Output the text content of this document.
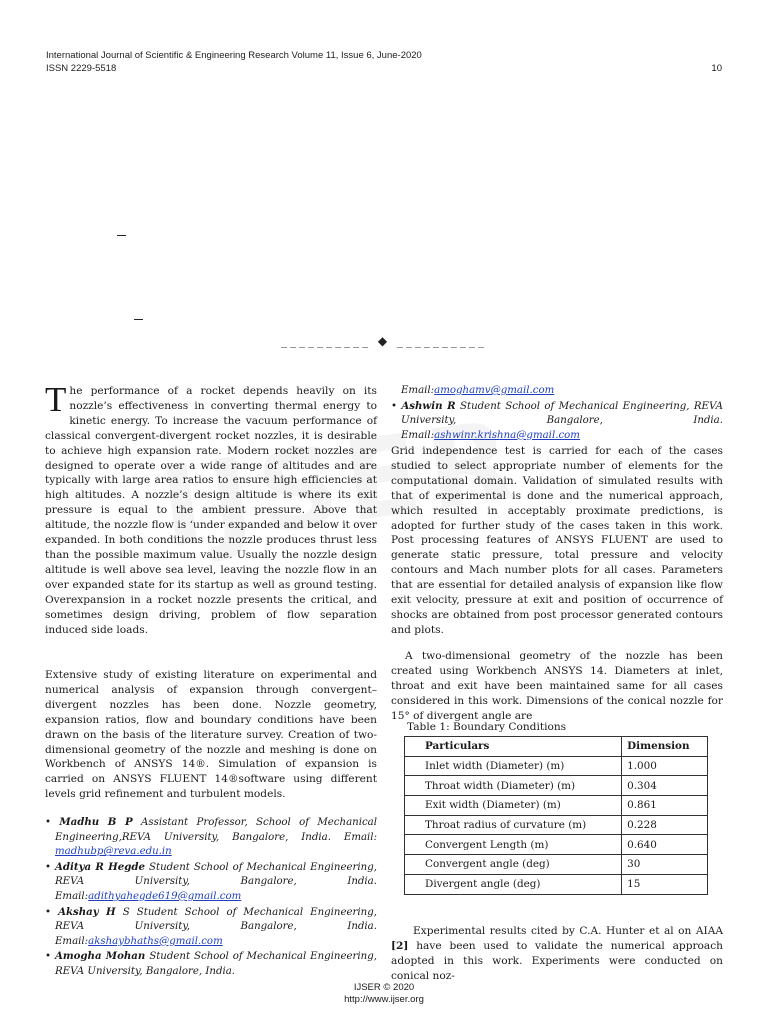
International Journal of Scientific & Engineering Research Volume 11, Issue 6, June-2020
ISSN 2229-5518	10
__________ ◆ __________

The performance of a rocket depends heavily on its nozzle’s effectiveness in converting thermal energy to kinetic energy. To increase the vacuum performance of classical convergent-divergent rocket nozzles, it is desirable to achieve high expansion rate. Modern rocket nozzles are designed to operate over a wide range of altitudes and are typically with large area ratios to ensure high efficiencies at high altitudes. A nozzle’s design altitude is where its exit pressure is equal to the ambient pressure. Above that altitude, the nozzle flow is ‘under expanded and below it over expanded. In both conditions the nozzle produces thrust less than the possible maximum value. Usually the nozzle design altitude is well above sea level, leaving the nozzle flow in an over expanded state for its startup as well as ground testing. Overexpansion in a rocket nozzle presents the critical, and sometimes design driving, problem of flow separation induced side loads.

Extensive study of existing literature on experimental and numerical analysis of expansion through convergent–divergent nozzles has been done. Nozzle geometry, expansion ratios, flow and boundary conditions have been drawn on the basis of the literature survey. Creation of two-dimensional geometry of the nozzle and meshing is done on Workbench of ANSYS 14®. Simulation of expansion is carried on ANSYS FLUENT 14®software using different levels grid refinement and turbulent models.

• Madhu B P Assistant Professor, School of Mechanical Engineering,REVA University, Bangalore, India. Email: madhubp@reva.edu.in

• Aditya R Hegde Student School of Mechanical Engineering, REVA University, Bangalore, India. Email:adithyahegde619@gmail.com

• Akshay H S Student School of Mechanical Engineering, REVA University, Bangalore, India. Email:akshaybhaths@gmail.com

• Amogha Mohan Student School of Mechanical Engineering, REVA University, Bangalore, India.

Email:amoghamv@gmail.com

• Ashwin R Student School of Mechanical Engineering, REVA University, Bangalore, India. Email:ashwinr.krishna@gmail.com

Grid independence test is carried for each of the cases studied to select appropriate number of elements for the computational domain. Validation of simulated results with that of experimental is done and the numerical approach, which resulted in acceptably proximate predictions, is adopted for further study of the cases taken in this work. Post processing features of ANSYS FLUENT are used to generate static pressure, total pressure and velocity contours and Mach number plots for all cases. Parameters that are essential for detailed analysis of expansion like flow exit velocity, pressure at exit and position of occurrence of shocks are obtained from post processor generated contours and plots.

A two-dimensional geometry of the nozzle has been created using Workbench ANSYS 14. Diameters at inlet, throat and exit have been maintained same for all cases considered in this work. Dimensions of the conical nozzle for 15° of divergent angle are

Table 1: Boundary Conditions
Particulars	Dimension
Inlet width (Diameter) (m)	1.000
Throat width (Diameter) (m)	0.304
Exit width (Diameter) (m)	0.861
Throat radius of curvature (m)	0.228
Convergent Length (m)	0.640
Convergent angle (deg)	30
Divergent angle (deg)	15

Experimental results cited by C.A. Hunter et al on AIAA [2] have been used to validate the numerical approach adopted in this work. Experiments were conducted on conical noz-

IJSER © 2020
http://www.ijser.org
